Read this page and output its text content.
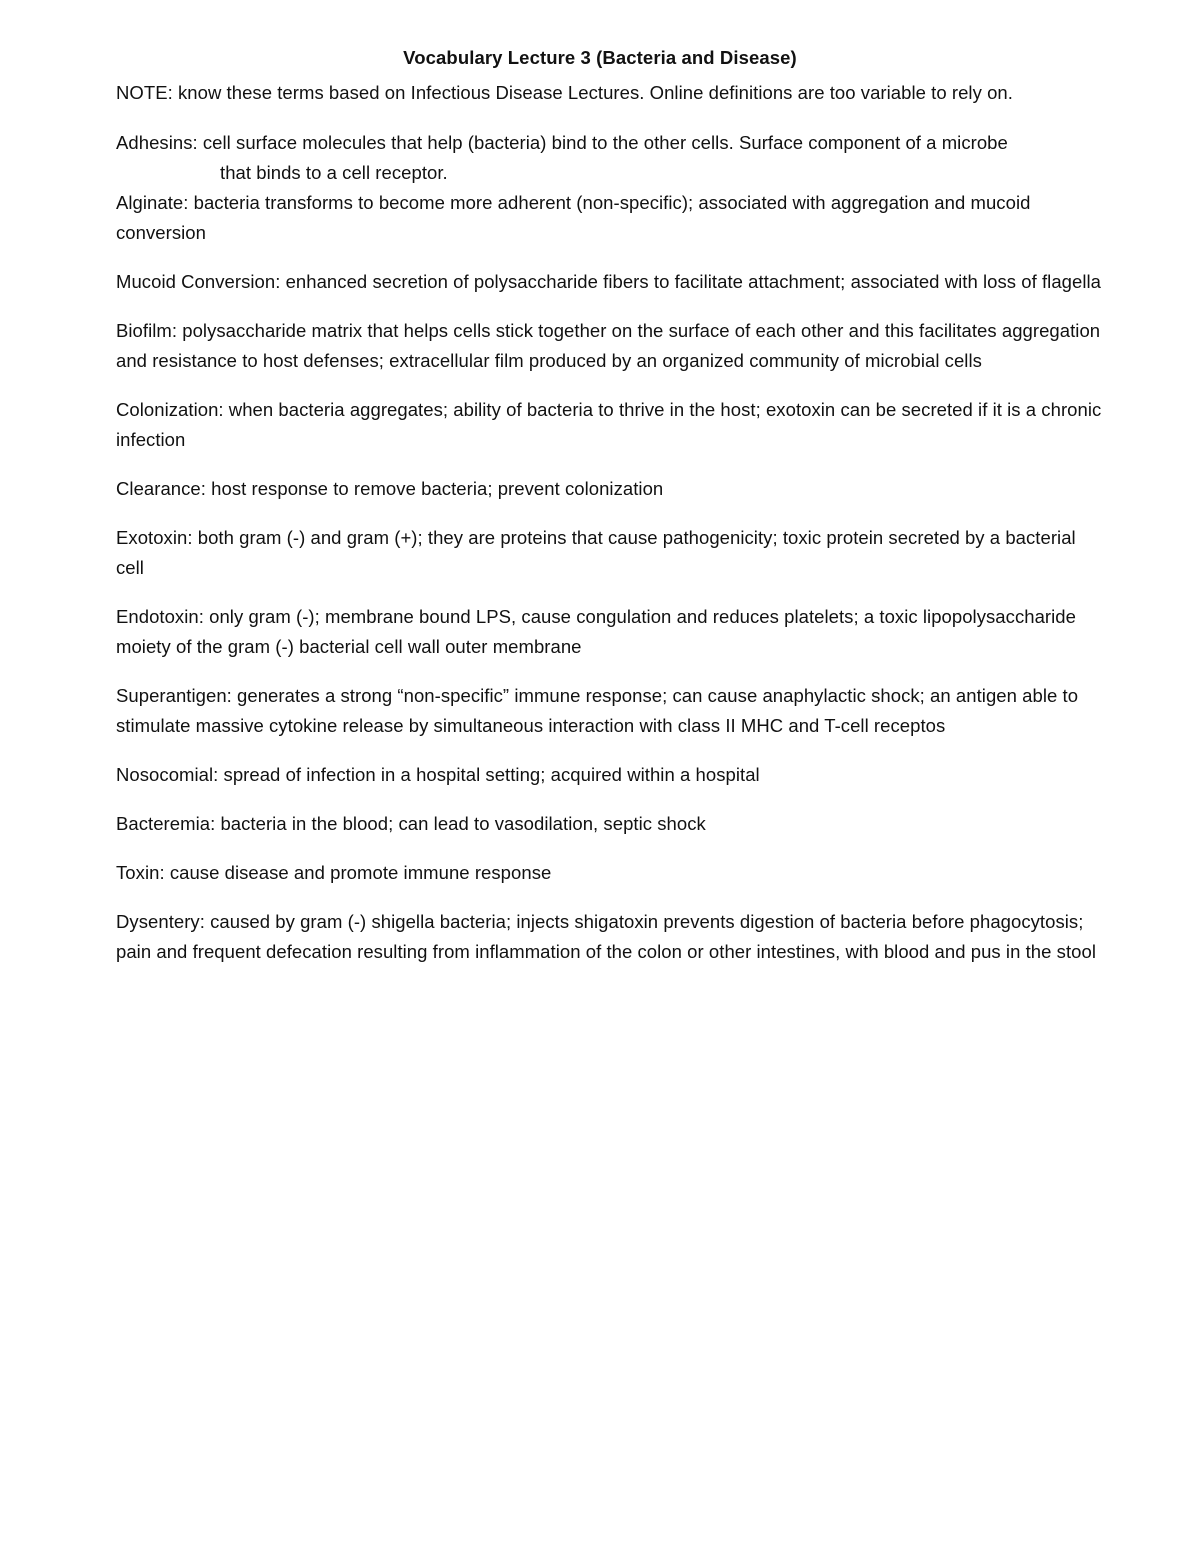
Vocabulary Lecture 3 (Bacteria and Disease)

NOTE: know these terms based on Infectious Disease Lectures. Online definitions are too variable to rely on.

Adhesins: cell surface molecules that help (bacteria) bind to the other cells. Surface component of a microbe
that binds to a cell receptor.

Alginate: bacteria transforms to become more adherent (non-specific); associated with aggregation and mucoid conversion

Mucoid Conversion: enhanced secretion of polysaccharide fibers to facilitate attachment; associated with loss of flagella

Biofilm: polysaccharide matrix that helps cells stick together on the surface of each other and this facilitates aggregation and resistance to host defenses; extracellular film produced by an organized community of microbial cells

Colonization: when bacteria aggregates; ability of bacteria to thrive in the host; exotoxin can be secreted if it is a chronic infection

Clearance: host response to remove bacteria; prevent colonization

Exotoxin: both gram (-) and gram (+); they are proteins that cause pathogenicity; toxic protein secreted by a bacterial cell

Endotoxin: only gram (-); membrane bound LPS, cause congulation and reduces platelets; a toxic lipopolysaccharide moiety of the gram (-) bacterial cell wall outer membrane

Superantigen: generates a strong “non-specific” immune response; can cause anaphylactic shock; an antigen able to stimulate massive cytokine release by simultaneous interaction with class II MHC and T-cell receptos

Nosocomial: spread of infection in a hospital setting; acquired within a hospital

Bacteremia: bacteria in the blood; can lead to vasodilation, septic shock

Toxin: cause disease and promote immune response

Dysentery: caused by gram (-) shigella bacteria; injects shigatoxin prevents digestion of bacteria before phagocytosis; pain and frequent defecation resulting from inflammation of the colon or other intestines, with blood and pus in the stool
